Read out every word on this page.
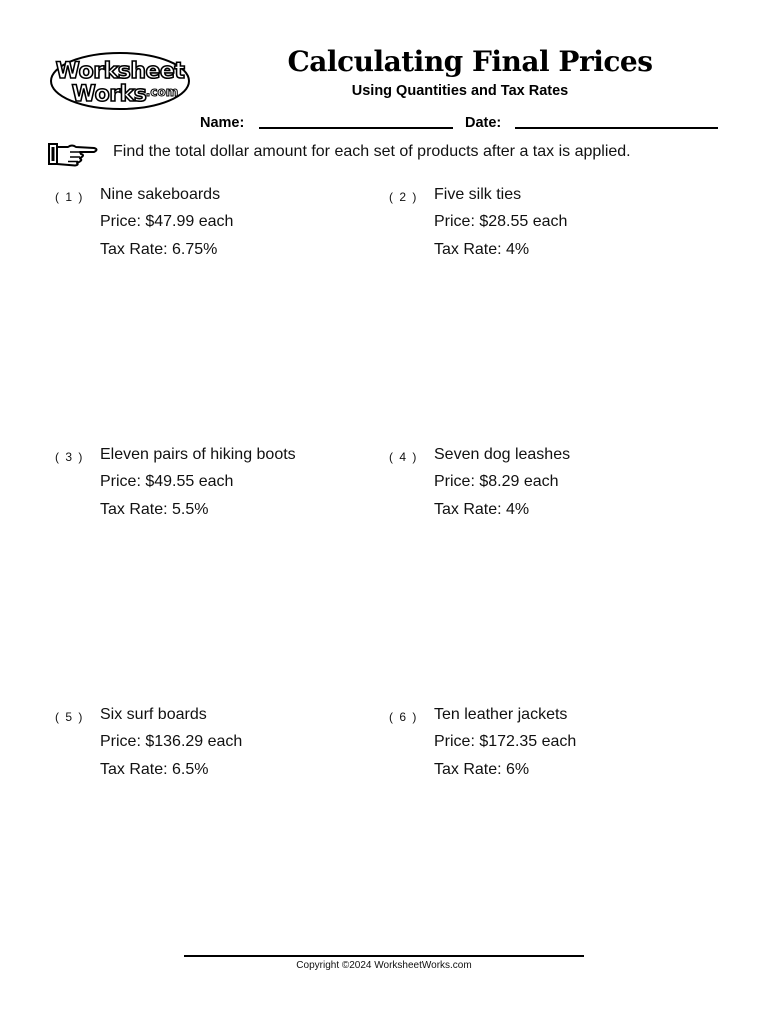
Worksheet
Works .com
Calculating Final Prices
Using Quantities and Tax Rates
Name:	Date:
Find the total dollar amount for each set of products after a tax is applied.
( 1 ) Nine sakeboards
Price: $47.99 each
Tax Rate: 6.75%
( 2 ) Five silk ties
Price: $28.55 each
Tax Rate: 4%
( 3 ) Eleven pairs of hiking boots
Price: $49.55 each
Tax Rate: 5.5%
( 4 ) Seven dog leashes
Price: $8.29 each
Tax Rate: 4%
( 5 ) Six surf boards
Price: $136.29 each
Tax Rate: 6.5%
( 6 ) Ten leather jackets
Price: $172.35 each
Tax Rate: 6%
Copyright ©2024 WorksheetWorks.com
